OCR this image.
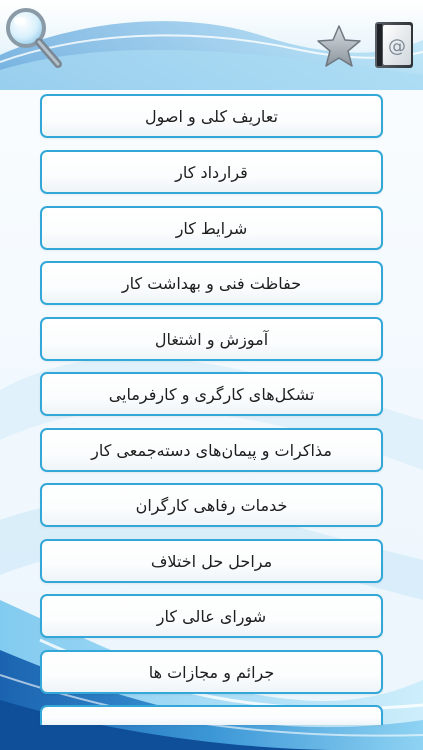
@
تعاریف کلی و اصول
قرارداد کار
شرایط کار
حفاظت فنی و بهداشت کار
آموزش و اشتغال
تشکل‌های کارگری و کارفرمایی
مذاکرات و پیمان‌های دسته‌جمعی کار
خدمات رفاهی کارگران
مراحل حل اختلاف
شورای عالی کار
جرائم و مجازات ها
